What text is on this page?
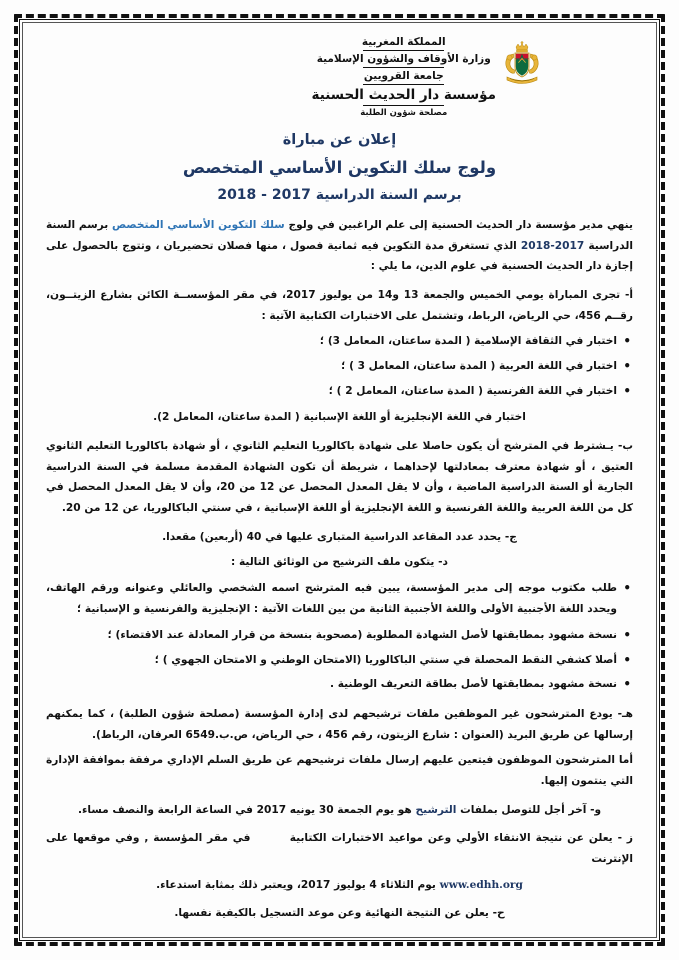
المملكة المغربية
وزارة الأوقاف والشؤون الإسلامية
جامعة القرويين
مؤسسة دار الحديث الحسنية
مصلحة شؤون الطلبة
إعلان عن مباراة
ولوج سلك التكوين الأساسي المتخصص
برسم السنة الدراسية 2017 - 2018
ينهي مدير مؤسسة دار الحديث الحسنية إلى علم الراغبين في ولوج سلك التكوين الأساسي المتخصص برسم السنة الدراسية 2017-2018 الذي تستغرق مدة التكوين فيه ثمانية فصول ، منها فصلان تحضيريان ، وتتوج بالحصول على إجازة دار الحديث الحسنية في علوم الدين، ما يلي :
أ- تجرى المباراة يومي الخميس والجمعة 13 و14 من يوليوز 2017، في مقر المؤسســة الكائن بشارع الزيتــون، رقــم 456، حي الرياض، الرباط، وتشتمل على الاختبارات الكتابية الآتية :
• اختبار في الثقافة الإسلامية ( المدة ساعتان، المعامل 3) ؛
• اختبار في اللغة العربية ( المدة ساعتان، المعامل 3 ) ؛
• اختبار في اللغة الفرنسية ( المدة ساعتان، المعامل 2 ) ؛
اختبار في اللغة الإنجليزية أو اللغة الإسبانية ( المدة ساعتان، المعامل 2).
ب- يـشترط في المترشح أن يكون حاصلا على شهادة باكالوريا التعليم الثانوي ، أو شهادة باكالوريا التعليم الثانوي العتيق ، أو شهادة معترف بمعادلتها لإحداهما ، شريطة أن تكون الشهادة المقدمة مسلمة في السنة الدراسية الجارية أو السنة الدراسية الماضية ، وأن لا يقل المعدل المحصل عن 12 من 20، وأن لا يقل المعدل المحصل في كل من اللغة العربية واللغة الفرنسية و اللغة الإنجليزية أو اللغة الإسبانية ، في سنتي الباكالوريا، عن 12 من 20.
ج- يحدد عدد المقاعد الدراسية المتبارى عليها في 40 (أربعين) مقعدا.
د- يتكون ملف الترشيح من الوثائق التالية :
• طلب مكتوب موجه إلى مدير المؤسسة، يبين فيه المترشح اسمه الشخصي والعائلي وعنوانه ورقم الهاتف، ويحدد اللغة الأجنبية الأولى واللغة الأجنبية الثانية من بين اللغات الآتية : الإنجليزية والفرنسية و الإسبانية ؛
• نسخة مشهود بمطابقتها لأصل الشهادة المطلوبة (مصحوبة بنسخة من قرار المعادلة عند الاقتضاء) ؛
• أصلا كشفي النقط المحصلة في سنتي الباكالوريا (الامتحان الوطني و الامتحان الجهوي ) ؛
• نسخة مشهود بمطابقتها لأصل بطاقة التعريف الوطنية .
هـ- يودع المترشحون غير الموظفين ملفات ترشيحهم لدى إدارة المؤسسة (مصلحة شؤون الطلبة) ، كما يمكنهم إرسالها عن طريق البريد (العنوان : شارع الزيتون، رقم 456 ، حي الرياض، ص.ب.6549 العرفان، الرباط).
أما المترشحون الموظفون فيتعين عليهم إرسال ملفات ترشيحهم عن طريق السلم الإداري مرفقة بموافقة الإدارة التي ينتمون إليها.
و- آخر أجل للتوصل بملفات الترشيح هو يوم الجمعة 30 يونيه 2017 في الساعة الرابعة والنصف مساء.
ز - يعلن عن نتيجة الانتقاء الأولي وعن مواعيد الاختبارات الكتابية        في مقر المؤسسة , وفي موقعها على الإنترنت
www.edhh.org يوم الثلاثاء 4 يوليوز 2017، ويعتبر ذلك بمثابة استدعاء.
ح- يعلن عن النتيجة النهائية وعن موعد التسجيل بالكيفية نفسها.
